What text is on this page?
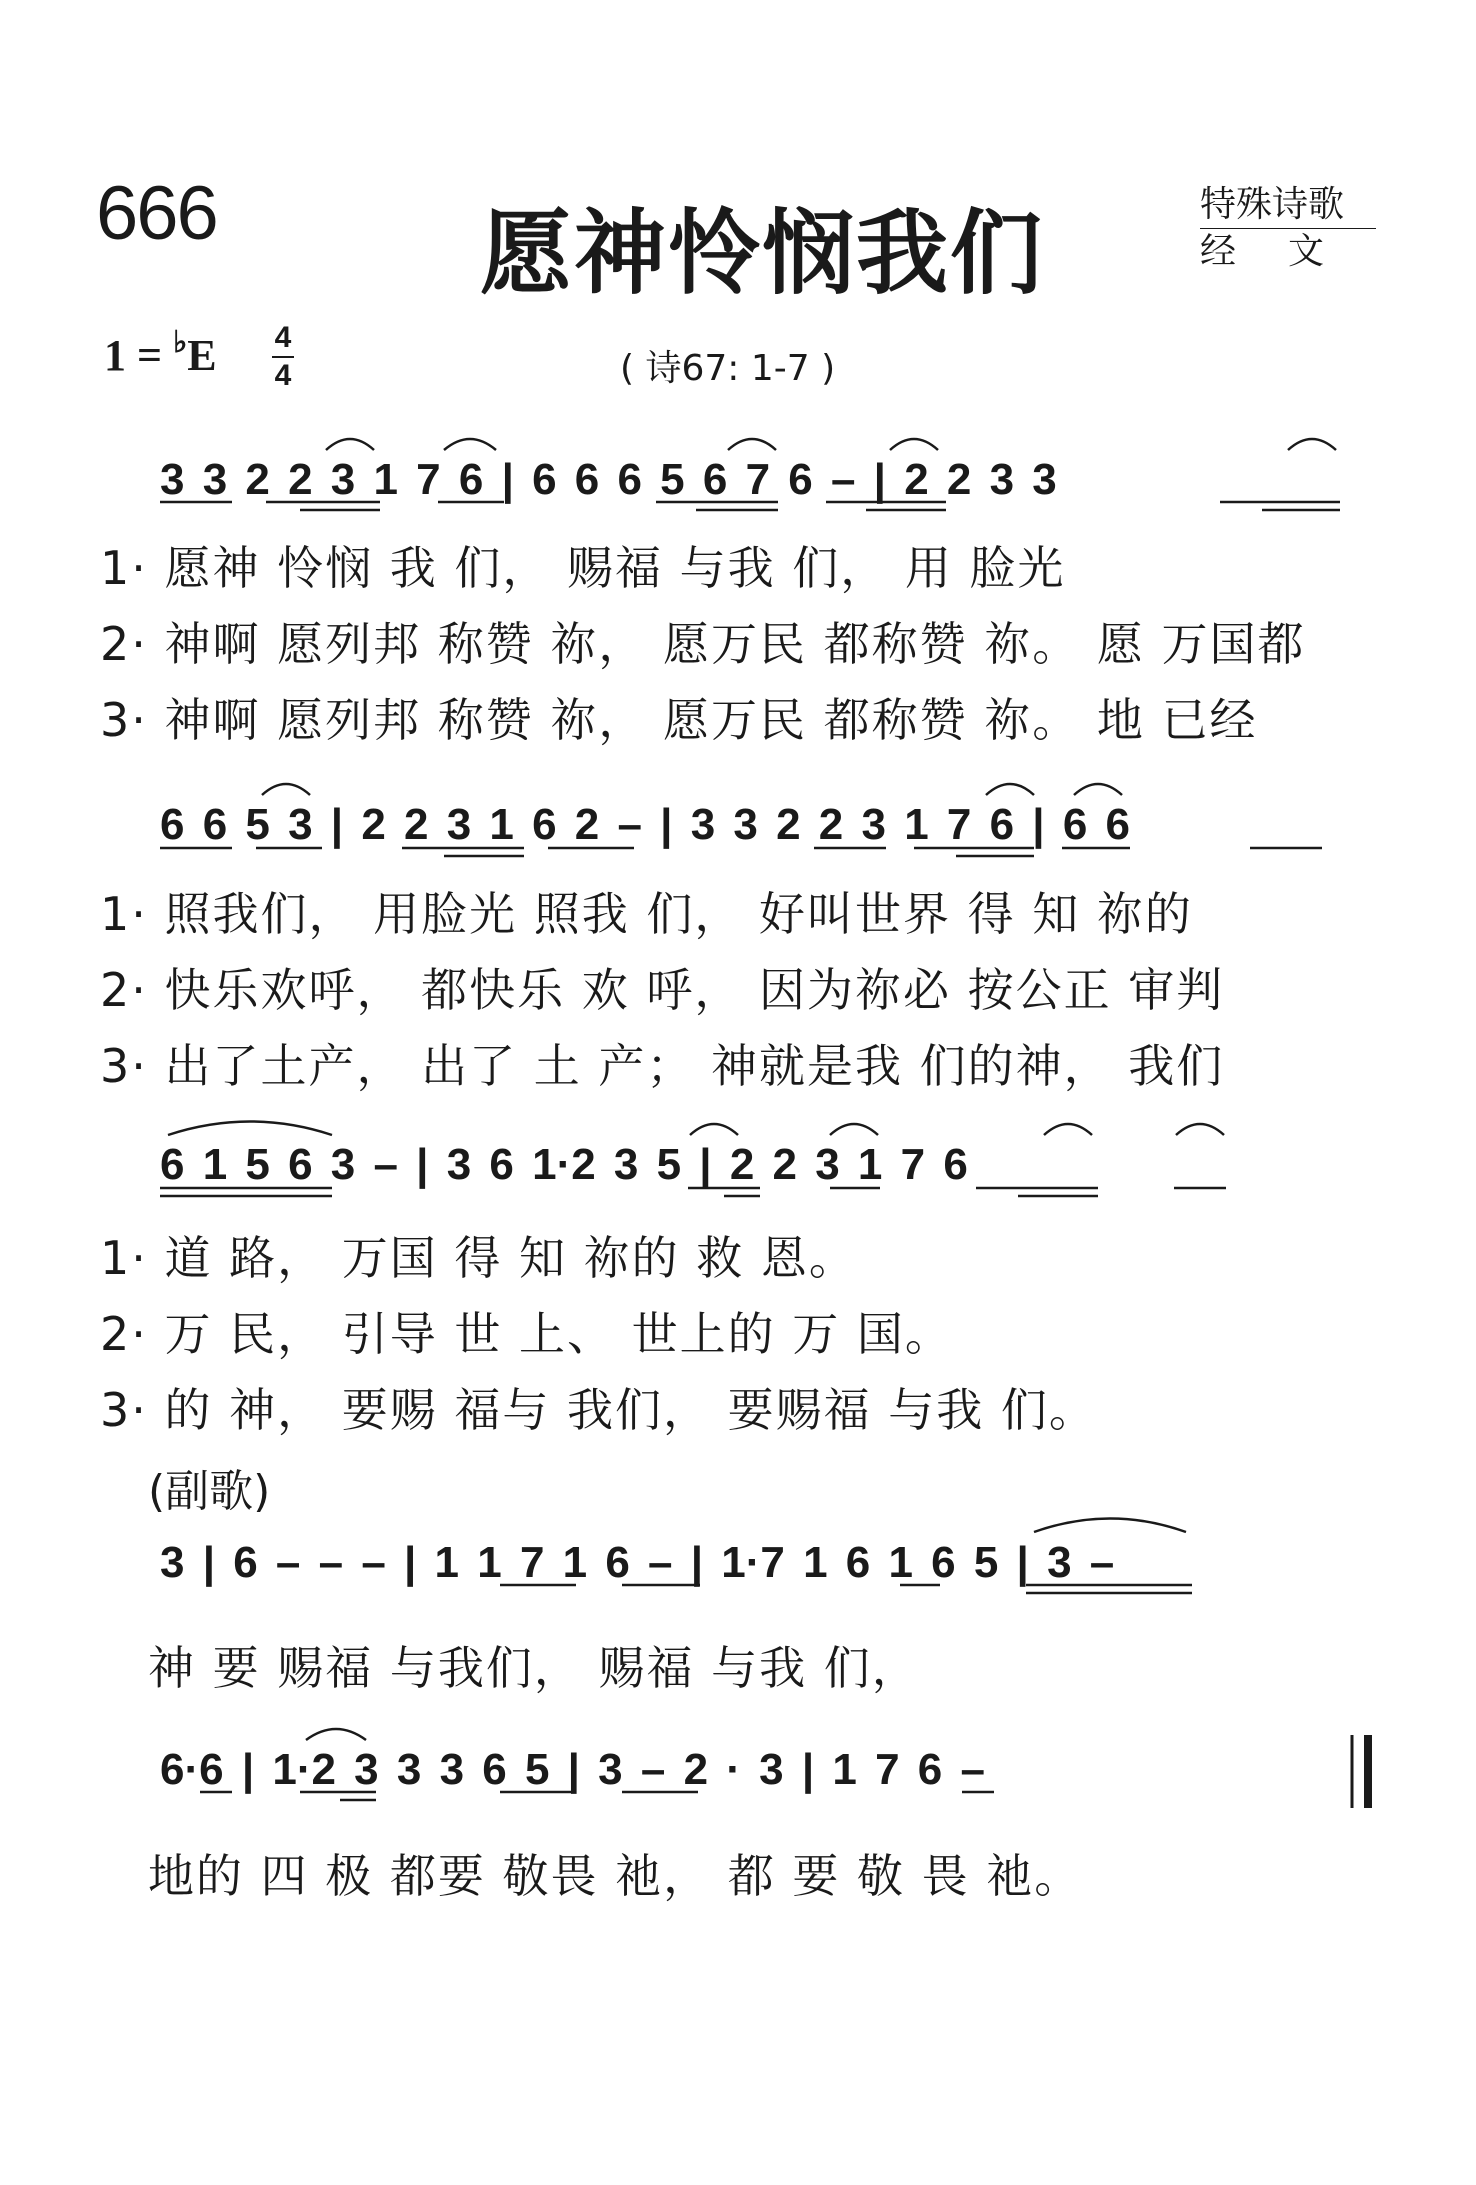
666	愿神怜悯我们	特殊诗歌
经文
1 = ♭E 4
4	( 诗67: 1-7 )
3 3 2 2 3 1 7 6 | 6 6 6 5 6 7 6 – | 2 2 3 3
1· 愿神 怜悯 我 们， 赐福 与我 们， 用 脸光
2· 神啊 愿列邦 称赞 祢， 愿万民 都称赞 祢。 愿 万国都
3· 神啊 愿列邦 称赞 祢， 愿万民 都称赞 祢。 地 已经
6 6 5 3 | 2 2 3 1 6 2 – | 3 3 2 2 3 1 7 6 | 6 6
1· 照我们， 用脸光 照我 们， 好叫世界 得 知 祢的
2· 快乐欢呼， 都快乐 欢 呼， 因为祢必 按公正 审判
3· 出了土产， 出了 土 产； 神就是我 们的神， 我们
6 1 5 6 3 – | 3 6 1·2 3 5 | 2 2 3 1 7 6
1· 道 路， 万国 得 知 祢的 救 恩。
2· 万 民， 引导 世 上、 世上的 万 国。
3· 的 神， 要赐 福与 我们， 要赐福 与我 们。
(副歌)
3 | 6 – – – | 1 1 7 1 6 – | 1·7 1 6 1 6 5 | 3 –
神 要 赐福 与我们， 赐福 与我 们，
6·6 | 1·2 3 3 3 6 5 | 3 – 2 · 3 | 1 7 6 –
地的 四 极 都要 敬畏 祂， 都 要 敬 畏 祂。
